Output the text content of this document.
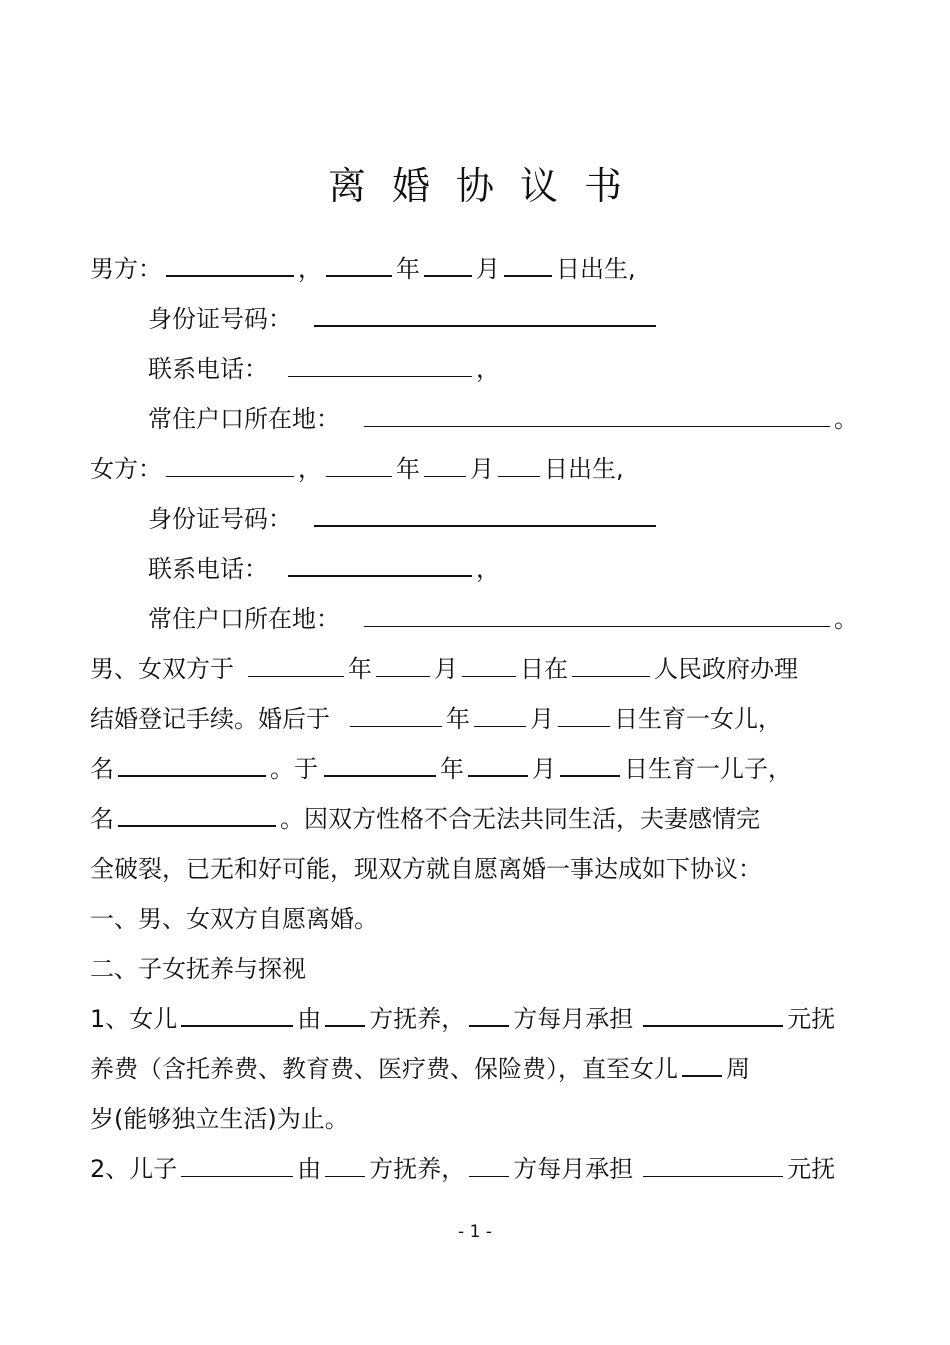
离婚协议书
男方：	，	年 月 日出生,
身份证号码：
联系电话：	，
常住户口所在地：	。
女方：	，	年 月 日出生,
身份证号码：
联系电话：	，
常住户口所在地：	。
男、女双方于	年	月	日在	人民政府办理
结婚登记手续。婚后于	年	月	日生育一女儿，
名	。于	年	月	日生育一儿子，
名	。因双方性格不合无法共同生活，夫妻感情完
全破裂，已无和好可能，现双方就自愿离婚一事达成如下协议：
一、男、女双方自愿离婚。
二、子女抚养与探视
1、女儿	由 方抚养， 方每月承担	元抚
养费（含托养费、教育费、医疗费、保险费），直至女儿 周
岁(能够独立生活)为止。
2、儿子	由 方抚养， 方每月承担	元抚
- 1 -
